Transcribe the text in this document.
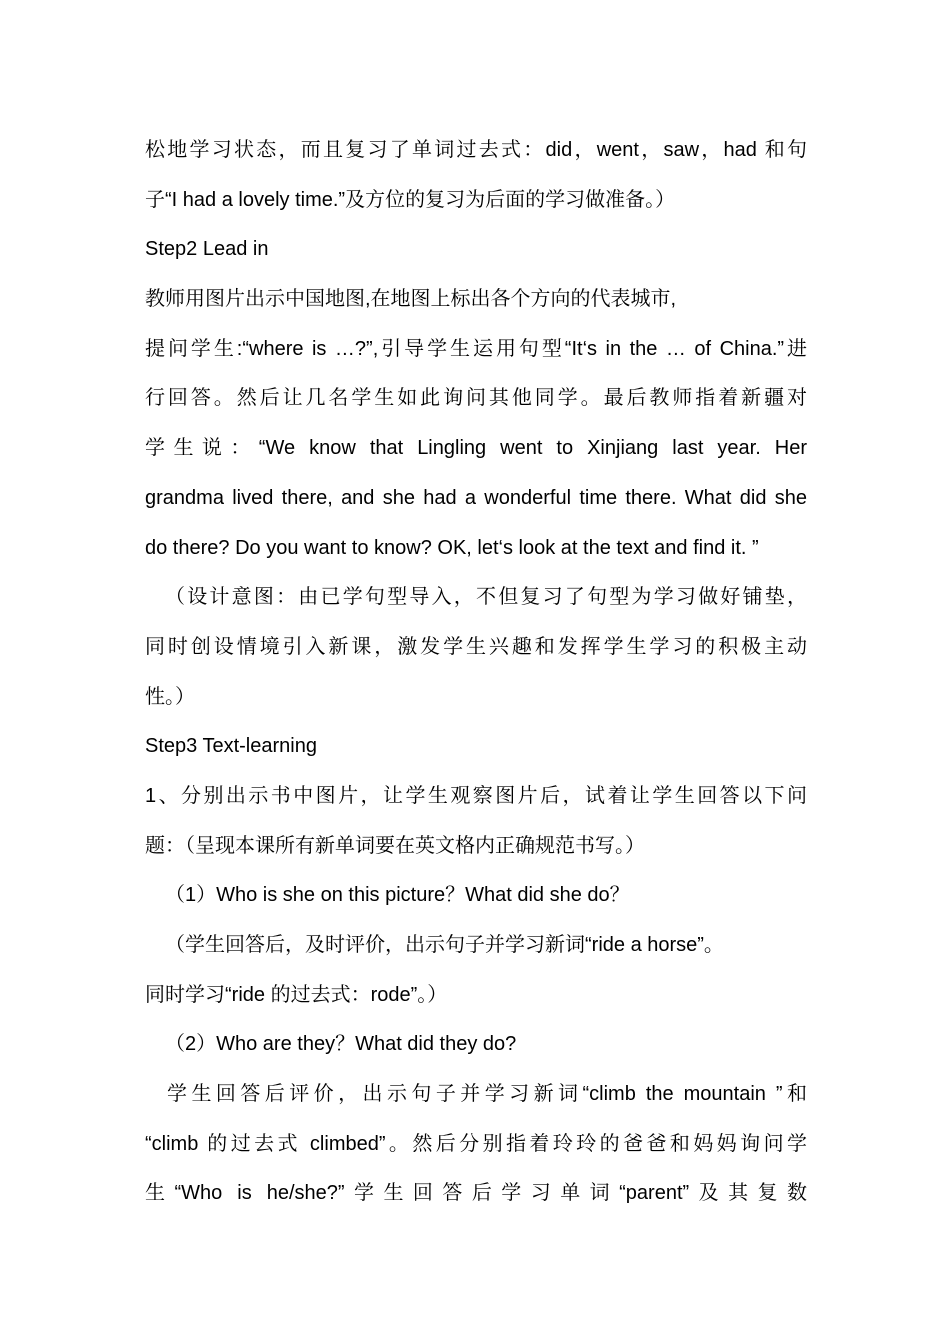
松地学习状态，而且复习了单词过去式：did，went，saw，had 和句
子“I had a lovely time.”及方位的复习为后面的学习做准备。）
Step2 Lead in
教师用图片出示中国地图,在地图上标出各个方向的代表城市,
提问学生:“where is …?”,引导学生运用句型“It‘s in the … of China.”进
行回答。然后让几名学生如此询问其他同学。最后教师指着新疆对
学生说：“We know that Lingling went to Xinjiang last year. Her
grandma lived there, and she had a wonderful time there. What did she
do there? Do you want to know? OK, let‘s look at the text and find it. ”
（设计意图：由已学句型导入，不但复习了句型为学习做好铺垫，
同时创设情境引入新课，激发学生兴趣和发挥学生学习的积极主动
性。）
Step3 Text-learning
1、分别出示书中图片，让学生观察图片后，试着让学生回答以下问
题：（呈现本课所有新单词要在英文格内正确规范书写。）
（1）Who is she on this picture？What did she do？
（学生回答后，及时评价，出示句子并学习新词“ride a horse”。
同时学习“ride 的过去式：rode”。）
（2）Who are they？What did they do?
学生回答后评价，出示句子并学习新词“climb the mountain ”和
“climb 的过去式 climbed”。然后分别指着玲玲的爸爸和妈妈询问学
生“Who is he/she?”学生回答后学习单词“parent”及其复数
